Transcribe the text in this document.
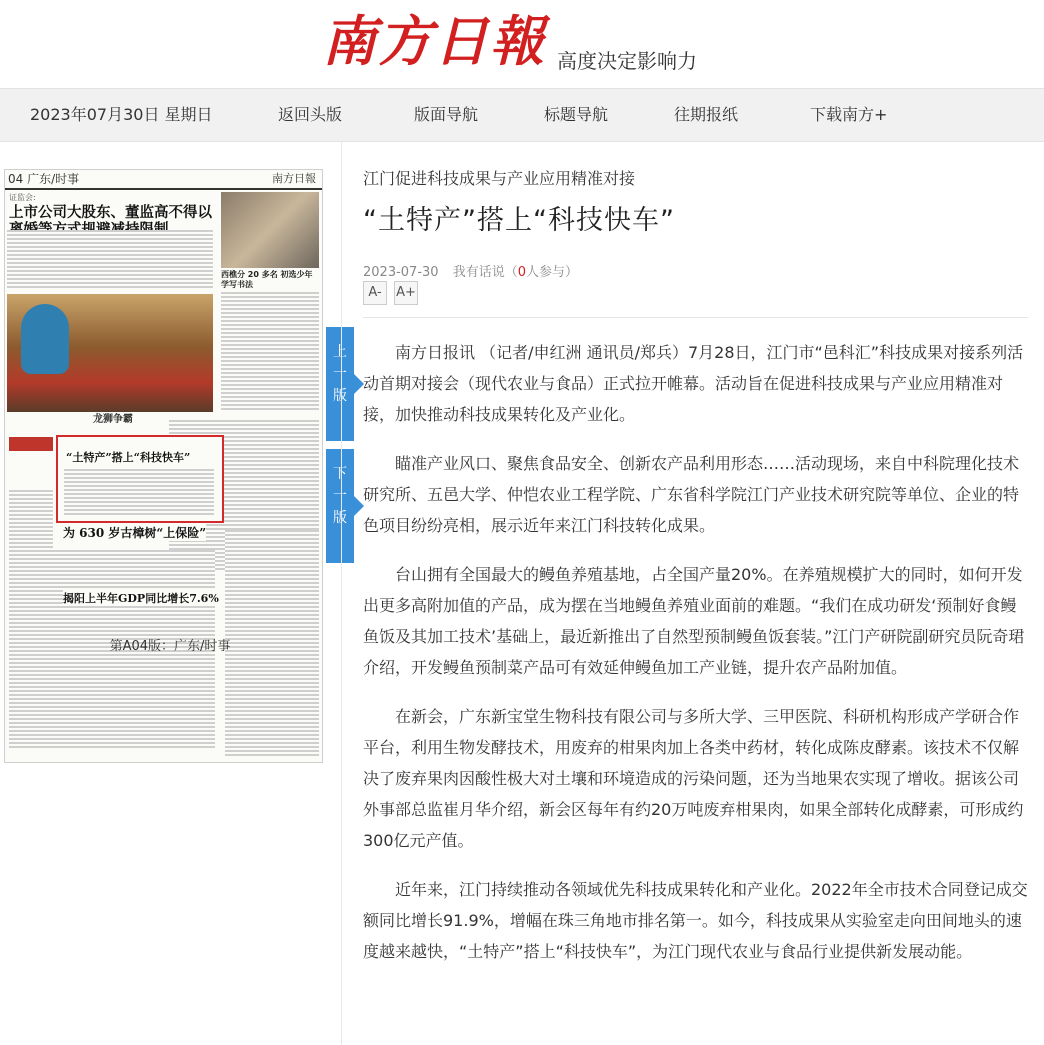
南方日報 高度决定影响力
2023年07月30日 星期日	返回头版	版面导航	标题导航	往期报纸	下载南方+
04 广东/时事	南方日報
证监会:
上市公司大股东、董监高不得以
西樵分 20 多名 初选少年学写书法
龙狮争霸
“土特产”搭上“科技快车”
为 630 岁古樟树“上保险”
揭阳上半年GDP同比增长7.6%
第A04版：广东/时事
上
一
版
下
一
版
江门促进科技成果与产业应用精准对接
“土特产”搭上“科技快车”
2023-07-30 我有话说（0人参与）
A-	A+

南方日报讯 （记者/申红洲 通讯员/郑兵）7月28日，江门市“邑科汇”科技成果对接系列活动首期对接会（现代农业与食品）正式拉开帷幕。活动旨在促进科技成果与产业应用精准对接，加快推动科技成果转化及产业化。

瞄准产业风口、聚焦食品安全、创新农产品利用形态……活动现场，来自中科院理化技术研究所、五邑大学、仲恺农业工程学院、广东省科学院江门产业技术研究院等单位、企业的特色项目纷纷亮相，展示近年来江门科技转化成果。

台山拥有全国最大的鳗鱼养殖基地，占全国产量20%。在养殖规模扩大的同时，如何开发出更多高附加值的产品，成为摆在当地鳗鱼养殖业面前的难题。“我们在成功研发‘预制好食鳗鱼饭及其加工技术’基础上，最近新推出了自然型预制鳗鱼饭套装。”江门产研院副研究员阮奇珺介绍，开发鳗鱼预制菜产品可有效延伸鳗鱼加工产业链，提升农产品附加值。

在新会，广东新宝堂生物科技有限公司与多所大学、三甲医院、科研机构形成产学研合作平台，利用生物发酵技术，用废弃的柑果肉加上各类中药材，转化成陈皮酵素。该技术不仅解决了废弃果肉因酸性极大对土壤和环境造成的污染问题，还为当地果农实现了增收。据该公司外事部总监崔月华介绍，新会区每年有约20万吨废弃柑果肉，如果全部转化成酵素，可形成约300亿元产值。

近年来，江门持续推动各领域优先科技成果转化和产业化。2022年全市技术合同登记成交额同比增长91.9%，增幅在珠三角地市排名第一。如今，科技成果从实验室走向田间地头的速度越来越快，“土特产”搭上“科技快车”，为江门现代农业与食品行业提供新发展动能。
